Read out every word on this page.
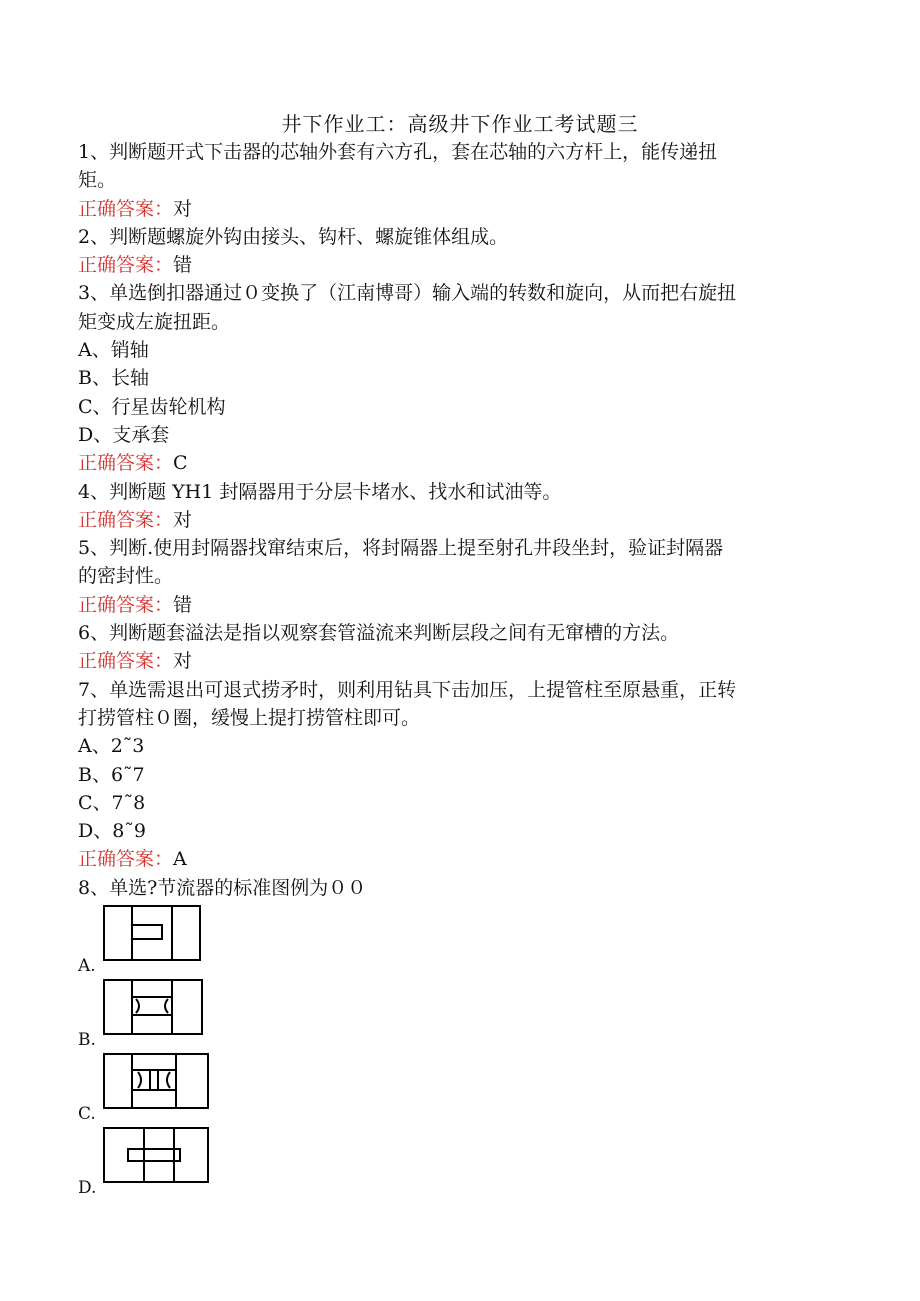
井下作业工：高级井下作业工考试题三
1、判断题开式下击器的芯轴外套有六方孔，套在芯轴的六方杆上，能传递扭
矩。
正确答案：对
2、判断题螺旋外钩由接头、钩杆、螺旋锥体组成。
正确答案：错
3、单选倒扣器通过０变换了（江南博哥）输入端的转数和旋向，从而把右旋扭
矩变成左旋扭距。
A、销轴
B、长轴
C、行星齿轮机构
D、支承套
正确答案：C
4、判断题 YH1 封隔器用于分层卡堵水、找水和试油等。
正确答案：对
5、判断.使用封隔器找窜结束后，将封隔器上提至射孔井段坐封，验证封隔器
的密封性。
正确答案：错
6、判断题套溢法是指以观察套管溢流来判断层段之间有无窜槽的方法。
正确答案：对
7、单选需退出可退式捞矛时，则利用钻具下击加压，上提管柱至原悬重，正转
打捞管柱０圈，缓慢上提打捞管柱即可。
A、2˜3
B、6˜7
C、7˜8
D、8˜9
正确答案：A
8、单选?节流器的标准图例为００
A.
B.
C.
D.
